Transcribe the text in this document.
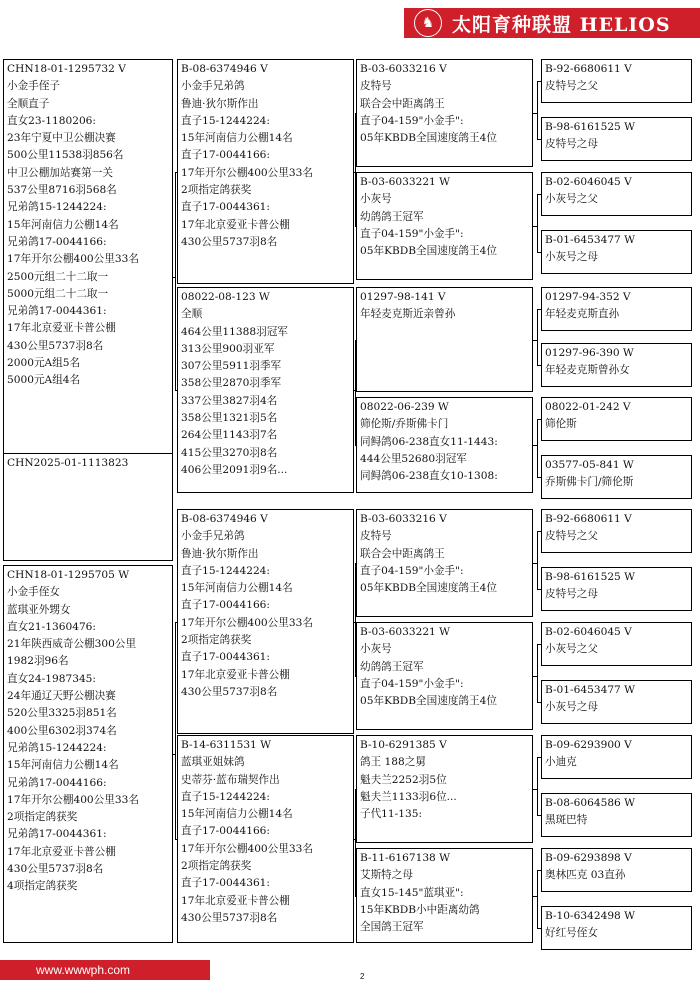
♞ 太阳育种联盟 HELIOS
CHN18-01-1295732 V
小金手侄子
全顺直子
直女23-1180206:
23年宁夏中卫公棚决赛
500公里11538羽856名
中卫公棚加站赛第一关
537公里8716羽568名
兄弟鸽15-1244224:
15年河南信力公棚14名
兄弟鸽17-0044166:
17年开尔公棚400公里33名
2500元组二十二取一
5000元组二十二取一
兄弟鸽17-0044361:
17年北京爱亚卡普公棚
430公里5737羽8名
2000元A组5名
5000元A组4名
CHN2025-01-1113823
CHN18-01-1295705 W
小金手侄女
蓝琪亚外甥女
直女21-1360476:
21年陕西威奇公棚300公里
1982羽96名
直女24-1987345:
24年通辽天野公棚决赛
520公里3325羽851名
400公里6302羽374名
兄弟鸽15-1244224:
15年河南信力公棚14名
兄弟鸽17-0044166:
17年开尔公棚400公里33名
2项指定鸽获奖
兄弟鸽17-0044361:
17年北京爱亚卡普公棚
430公里5737羽8名
4项指定鸽获奖
B-08-6374946 V
小金手兄弟鸽
鲁迪·狄尔斯作出
直子15-1244224:
15年河南信力公棚14名
直子17-0044166:
17年开尔公棚400公里33名
2项指定鸽获奖
直子17-0044361:
17年北京爱亚卡普公棚
430公里5737羽8名
08022-08-123 W
全顺
464公里11388羽冠军
313公里900羽亚军
307公里5911羽季军
358公里2870羽季军
337公里3827羽4名
358公里1321羽5名
264公里1143羽7名
415公里3270羽8名
406公里2091羽9名...
B-08-6374946 V
小金手兄弟鸽
鲁迪·狄尔斯作出
直子15-1244224:
15年河南信力公棚14名
直子17-0044166:
17年开尔公棚400公里33名
2项指定鸽获奖
直子17-0044361:
17年北京爱亚卡普公棚
430公里5737羽8名
B-14-6311531 W
蓝琪亚姐妹鸽
史蒂芬·蓝布瑞契作出
直子15-1244224:
15年河南信力公棚14名
直子17-0044166:
17年开尔公棚400公里33名
2项指定鸽获奖
直子17-0044361:
17年北京爱亚卡普公棚
430公里5737羽8名
B-03-6033216 V
皮特号
联合会中距离鸽王
直子04-159"小金手":
05年KBDB全国速度鸽王4位
B-03-6033221 W
小灰号
幼鸽鸽王冠军
直子04-159"小金手":
05年KBDB全国速度鸽王4位
01297-98-141 V
年轻麦克斯近亲曾孙
08022-06-239 W
筛伦斯/乔斯佛卡门
同鲟鸽06-238直女11-1443:
444公里52680羽冠军
同鲟鸽06-238直女10-1308:
B-03-6033216 V
皮特号
联合会中距离鸽王
直子04-159"小金手":
05年KBDB全国速度鸽王4位
B-03-6033221 W
小灰号
幼鸽鸽王冠军
直子04-159"小金手":
05年KBDB全国速度鸽王4位
B-10-6291385 V
鸽王 188之舅
魁夫兰2252羽5位
魁夫兰1133羽6位...
子代11-135:
B-11-6167138 W
艾斯特之母
直女15-145"蓝琪亚":
15年KBDB小中距离幼鸽
全国鸽王冠军
B-92-6680611 V
皮特号之父
B-98-6161525 W
皮特号之母
B-02-6046045 V
小灰号之父
B-01-6453477 W
小灰号之母
01297-94-352 V
年轻麦克斯直孙
01297-96-390 W
年轻麦克斯曾孙女
08022-01-242 V
筛伦斯
03577-05-841 W
乔斯佛卡门/筛伦斯
B-92-6680611 V
皮特号之父
B-98-6161525 W
皮特号之母
B-02-6046045 V
小灰号之父
B-01-6453477 W
小灰号之母
B-09-6293900 V
小迪克
B-08-6064586 W
黑斑巴特
B-09-6293898 V
奥林匹克 03直孙
B-10-6342498 W
好红号侄女
www.wwwph.com	2
